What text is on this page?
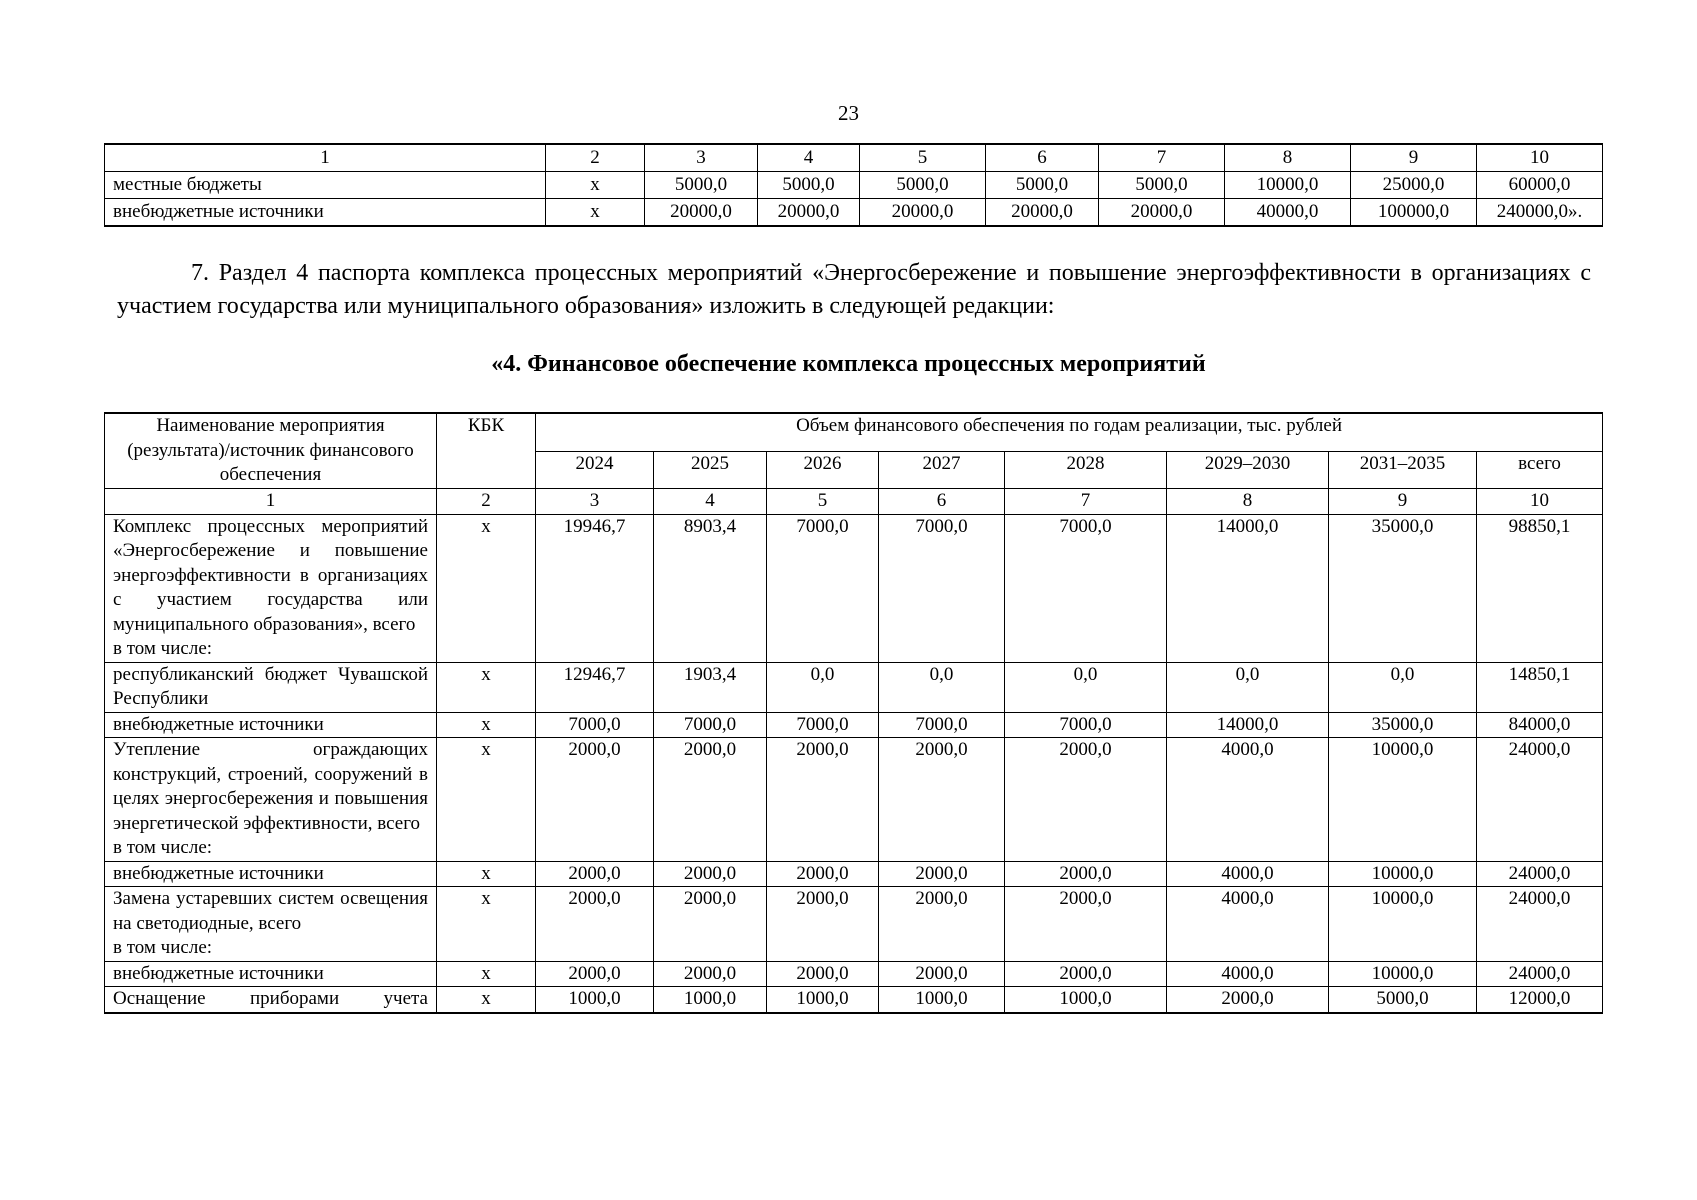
23
1	2	3	4	5	6	7	8	9	10
местные бюджеты	x	5000,0	5000,0	5000,0	5000,0	5000,0	10000,0	25000,0	60000,0
внебюджетные источники	x	20000,0	20000,0	20000,0	20000,0	20000,0	40000,0	100000,0	240000,0».
7. Раздел 4 паспорта комплекса процессных мероприятий «Энергосбережение и повышение энергоэффективности в организациях с участием государства или муниципального образования» изложить в следующей редакции:
«4. Финансовое обеспечение комплекса процессных мероприятий
Наименование мероприятия (результата)/источник финансового обеспечения	КБК	Объем финансового обеспечения по годам реализации, тыс. рублей							
		2024	2025	2026	2027	2028	2029–2030	2031–2035	всего
1	2	3	4	5	6	7	8	9	10

Комплекс процессных мероприятий «Энергосбережение и повышение энергоэффективности в организациях с участием государства или муниципального образования», всего
в том числе:	x	19946,7	8903,4	7000,0	7000,0	7000,0	14000,0	35000,0	98850,1
республиканский бюджет Чувашской Республики	x	12946,7	1903,4	0,0	0,0	0,0	0,0	0,0	14850,1
внебюджетные источники	x	7000,0	7000,0	7000,0	7000,0	7000,0	14000,0	35000,0	84000,0

Утепление ограждающих конструкций, строений, сооружений в целях энергосбережения и повышения энергетической эффективности, всего
в том числе:	x	2000,0	2000,0	2000,0	2000,0	2000,0	4000,0	10000,0	24000,0
внебюджетные источники	x	2000,0	2000,0	2000,0	2000,0	2000,0	4000,0	10000,0	24000,0

Замена устаревших систем освещения на светодиодные, всего
в том числе:	x	2000,0	2000,0	2000,0	2000,0	2000,0	4000,0	10000,0	24000,0
внебюджетные источники	x	2000,0	2000,0	2000,0	2000,0	2000,0	4000,0	10000,0	24000,0
Оснащение приборами учета	x	1000,0	1000,0	1000,0	1000,0	1000,0	2000,0	5000,0	12000,0
